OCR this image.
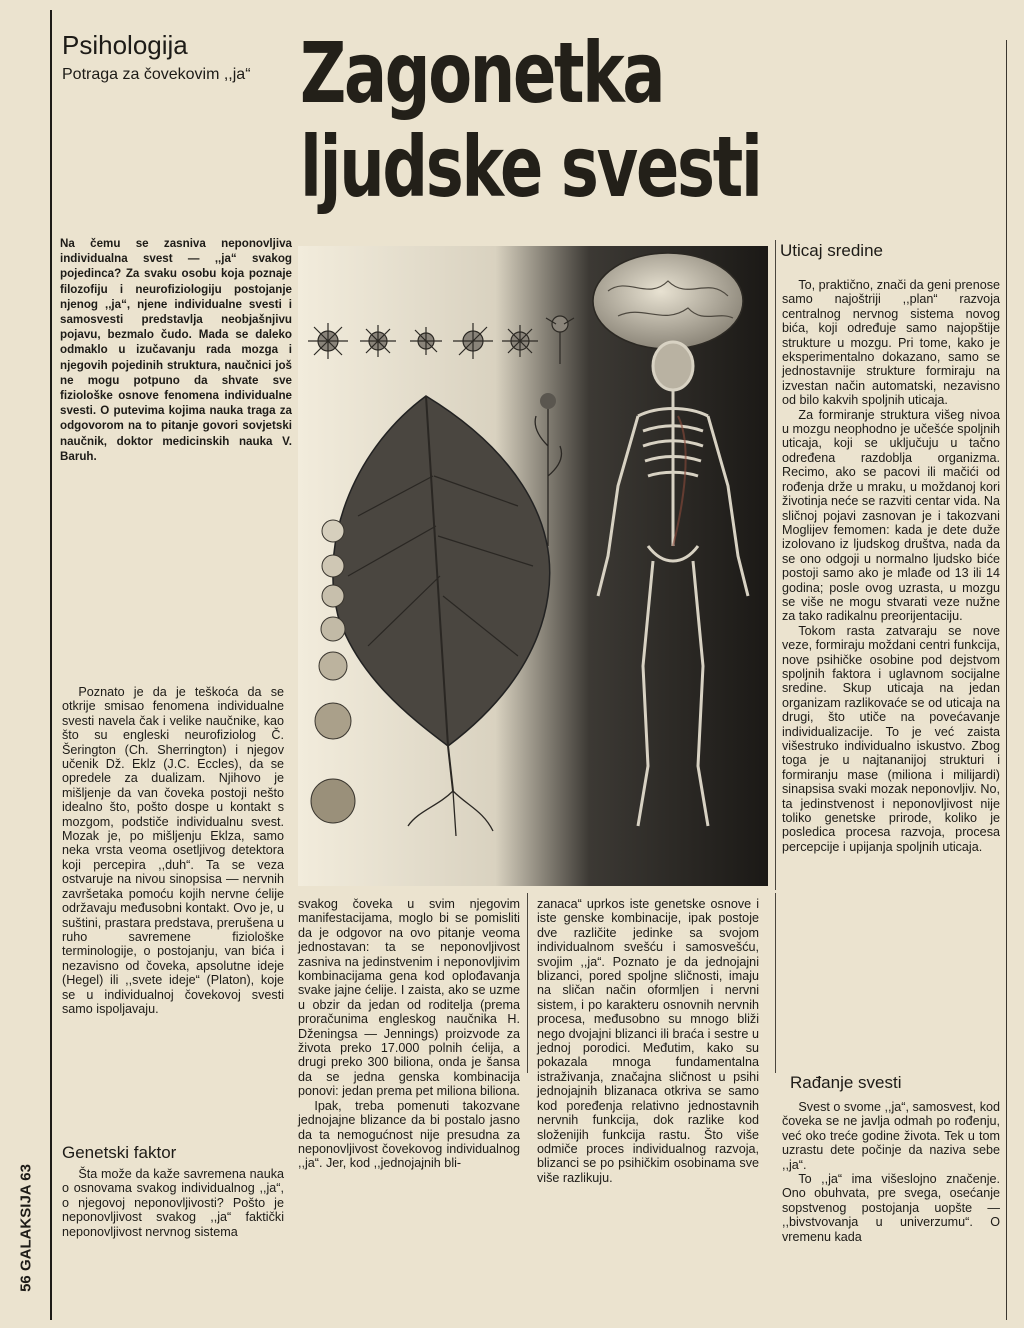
56 GALAKSIJA 63
Psihologija
Potraga za čovekovim ,,ja“ Zagonetka
ljudske svesti
Na čemu se zasniva neponovljiva individualna svest — ,,ja“ svakog pojedinca? Za svaku osobu koja poznaje filozofiju i neurofiziologiju postojanje njenog ,,ja“, njene individualne svesti i samosvesti predstavlja neobjašnjivu pojavu, bezmalo čudo. Mada se daleko odmaklo u izučavanju rada mozga i njegovih pojedinih struktura, naučnici još ne mogu potpuno da shvate sve fiziološke osnove fenomena individualne svesti. O putevima kojima nauka traga za odgovorom na to pitanje govori sovjetski naučnik, doktor medicinskih nauka V. Baruh.

Poznato je da je teškoća da se otkrije smisao fenomena individualne svesti navela čak i velike naučnike, kao što su engleski neurofiziolog Č. Šerington (Ch. Sherrington) i njegov učenik Dž. Eklz (J.C. Eccles), da se opredele za dualizam. Njihovo je mišljenje da van čoveka postoji nešto idealno što, pošto dospe u kontakt s mozgom, podstiče individualnu svest. Mozak je, po mišljenju Eklza, samo neka vrsta veoma osetljivog detektora koji percepira ,,duh“. Ta se veza ostvaruje na nivou sinopsisa — nervnih završetaka pomoću kojih nervne ćelije održavaju međusobni kontakt. Ovo je, u suštini, prastara predstava, prerušena u ruho savremene fiziološke terminologije, o postojanju, van bića i nezavisno od čoveka, apsolutne ideje (Hegel) ili ,,svete ideje“ (Platon), koje se u individualnoj čovekovoj svesti samo ispoljavaju.

Genetski faktor

Šta može da kaže savremena nauka o osnovama svakog individualnog ,,ja“, o njegovoj neponovljivosti? Pošto je neponovljivost svakog ,,ja“ faktički neponovljivost nervnog sistema

svakog čoveka u svim njegovim manifestacijama, moglo bi se pomisliti da je odgovor na ovo pitanje veoma jednostavan: ta se neponovljivost zasniva na jedinstvenim i neponovljivim kombinacijama gena kod oplođavanja svake jajne ćelije. I zaista, ako se uzme u obzir da jedan od roditelja (prema proračunima engleskog naučnika H. Dženingsa — Jennings) proizvode za života preko 17.000 polnih ćelija, a drugi preko 300 biliona, onda je šansa da se jedna genska kombinacija ponovi: jedan prema pet miliona biliona.

Ipak, treba pomenuti takozvane jednojajne blizance da bi postalo jasno da ta nemogućnost nije presudna za neponovljivost čovekovog individualnog ,,ja“. Jer, kod ,,jednojajnih bli-

zanaca“ uprkos iste genetske osnove i iste genske kombinacije, ipak postoje dve različite jedinke sa svojom individualnom svešću i samosvešću, svojim ,,ja“. Poznato je da jednojajni blizanci, pored spoljne sličnosti, imaju na sličan način oformljen i nervni sistem, i po karakteru osnovnih nervnih procesa, međusobno su mnogo bliži nego dvojajni blizanci ili braća i sestre u jednoj porodici. Međutim, kako su pokazala mnoga fundamentalna istraživanja, značajna sličnost u psihi jednojajnih blizanaca otkriva se samo kod poređenja relativno jednostavnih nervnih funkcija, dok razlike kod složenijih funkcija rastu. Što više odmiče proces individualnog razvoja, blizanci se po psihičkim osobinama sve više razlikuju.

Uticaj sredine

To, praktično, znači da geni prenose samo najoštriji ,,plan“ razvoja centralnog nervnog sistema novog bića, koji određuje samo najopštije strukture u mozgu. Pri tome, kako je eksperimentalno dokazano, samo se jednostavnije strukture formiraju na izvestan način automatski, nezavisno od bilo kakvih spoljnih uticaja.

Za formiranje struktura višeg nivoa u mozgu neophodno je učešće spoljnih uticaja, koji se uključuju u tačno određena razdoblja organizma. Recimo, ako se pacovi ili mačići od rođenja drže u mraku, u moždanoj kori životinja neće se razviti centar vida. Na sličnoj pojavi zasnovan je i takozvani Moglijev femomen: kada je dete duže izolovano iz ljudskog društva, nada da se ono odgoji u normalno ljudsko biće postoji samo ako je mlađe od 13 ili 14 godina; posle ovog uzrasta, u mozgu se više ne mogu stvarati veze nužne za tako radikalnu preorijentaciju.

Tokom rasta zatvaraju se nove veze, formiraju moždani centri funkcija, nove psihičke osobine pod dejstvom spoljnih faktora i uglavnom socijalne sredine. Skup uticaja na jedan organizam razlikovaće se od uticaja na drugi, što utiče na povećavanje individualizacije. To je već zaista višestruko individualno iskustvo. Zbog toga je u najtananijoj strukturi i formiranju mase (miliona i milijardi) sinapsisa svaki mozak neponovljiv. No, ta jedinstvenost i neponovljivost nije toliko genetske prirode, koliko je posledica procesa razvoja, procesa percepcije i upijanja spoljnih uticaja.

Rađanje svesti

Svest o svome ,,ja“, samosvest, kod čoveka se ne javlja odmah po rođenju, već oko treće godine života. Tek u tom uzrastu dete počinje da naziva sebe ,,ja“.

To ,,ja“ ima višeslojno značenje. Ono obuhvata, pre svega, osećanje sopstvenog postojanja uopšte — ,,bivstvovanja u univerzumu“. O vremenu kada
